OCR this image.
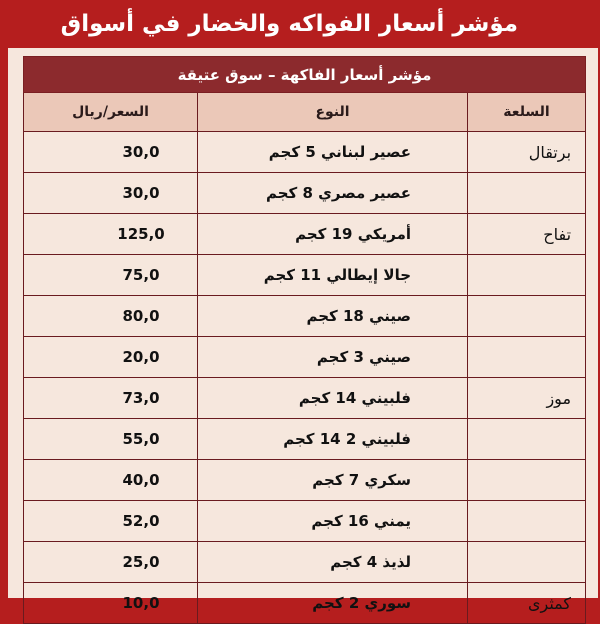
مؤشر أسعار الفواكه والخضار في أسواق
مؤشر أسعار الفاكهة – سوق عتيقة		
السلعة	النوع	السعر/ريال
برتقال	عصير لبناني 5 كجم	30,0
	عصير مصري 8 كجم	30,0
تفاح	أمريكي 19 كجم	125,0
	جالا إيطالي 11 كجم	75,0
	صيني 18 كجم	80,0
	صيني 3 كجم	20,0
موز	فلبيني 14 كجم	73,0
	فلبيني 2 14 كجم	55,0
	سكري 7 كجم	40,0
	يمني 16 كجم	52,0
	لذيذ 4 كجم	25,0
كمثرى	سوري 2 كجم	10,0
